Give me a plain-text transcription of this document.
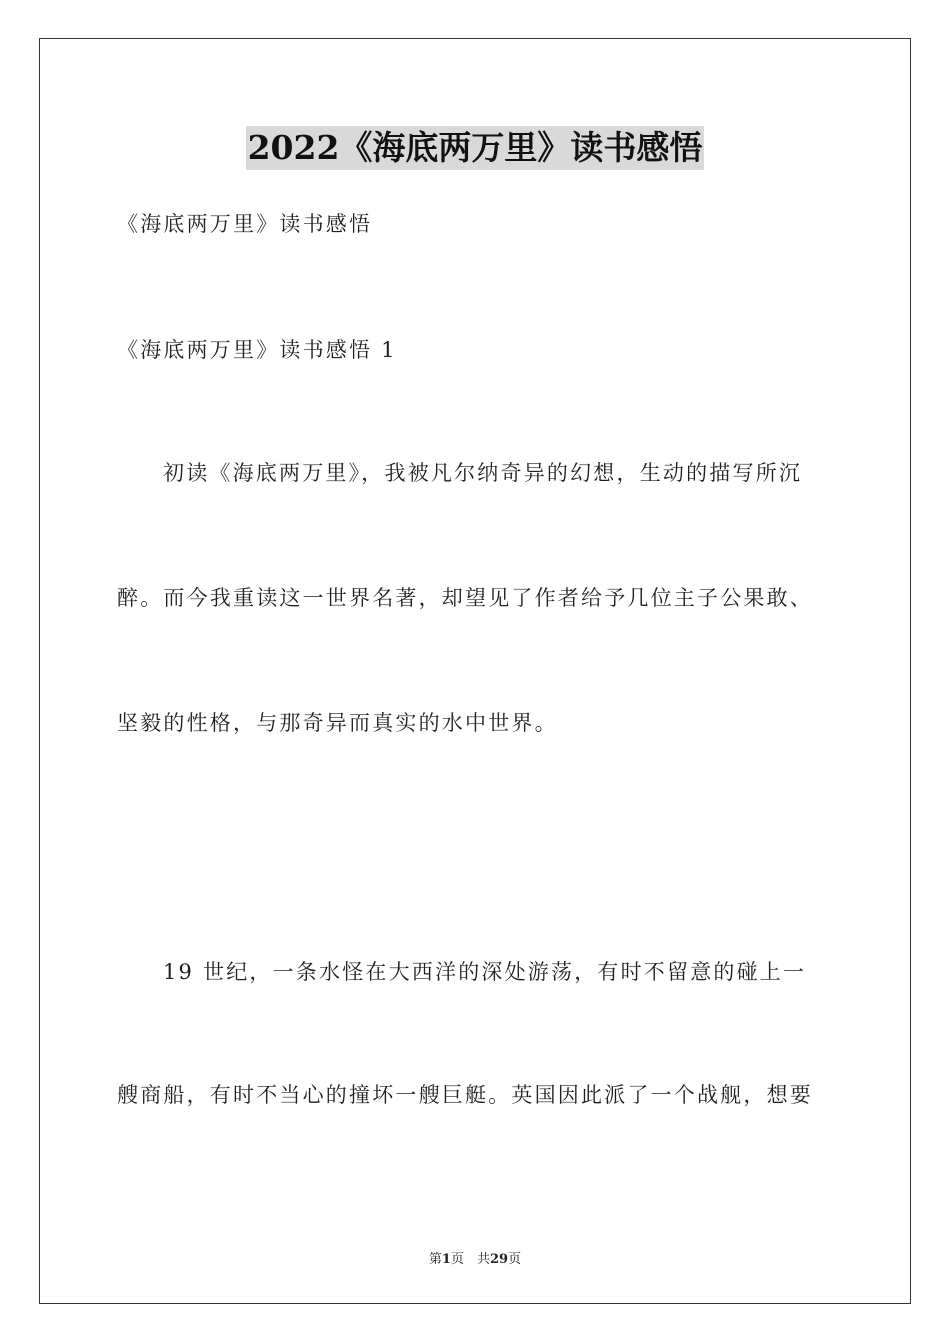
2022《海底两万里》读书感悟
《海底两万里》读书感悟
《海底两万里》读书感悟 1
初读《海底两万里》，我被凡尔纳奇异的幻想，生动的描写所沉
醉。而今我重读这一世界名著，却望见了作者给予几位主子公果敢、
坚毅的性格，与那奇异而真实的水中世界。
19 世纪，一条水怪在大西洋的深处游荡，有时不留意的碰上一
艘商船，有时不当心的撞坏一艘巨艇。英国因此派了一个战舰，想要
第1页　共29页
